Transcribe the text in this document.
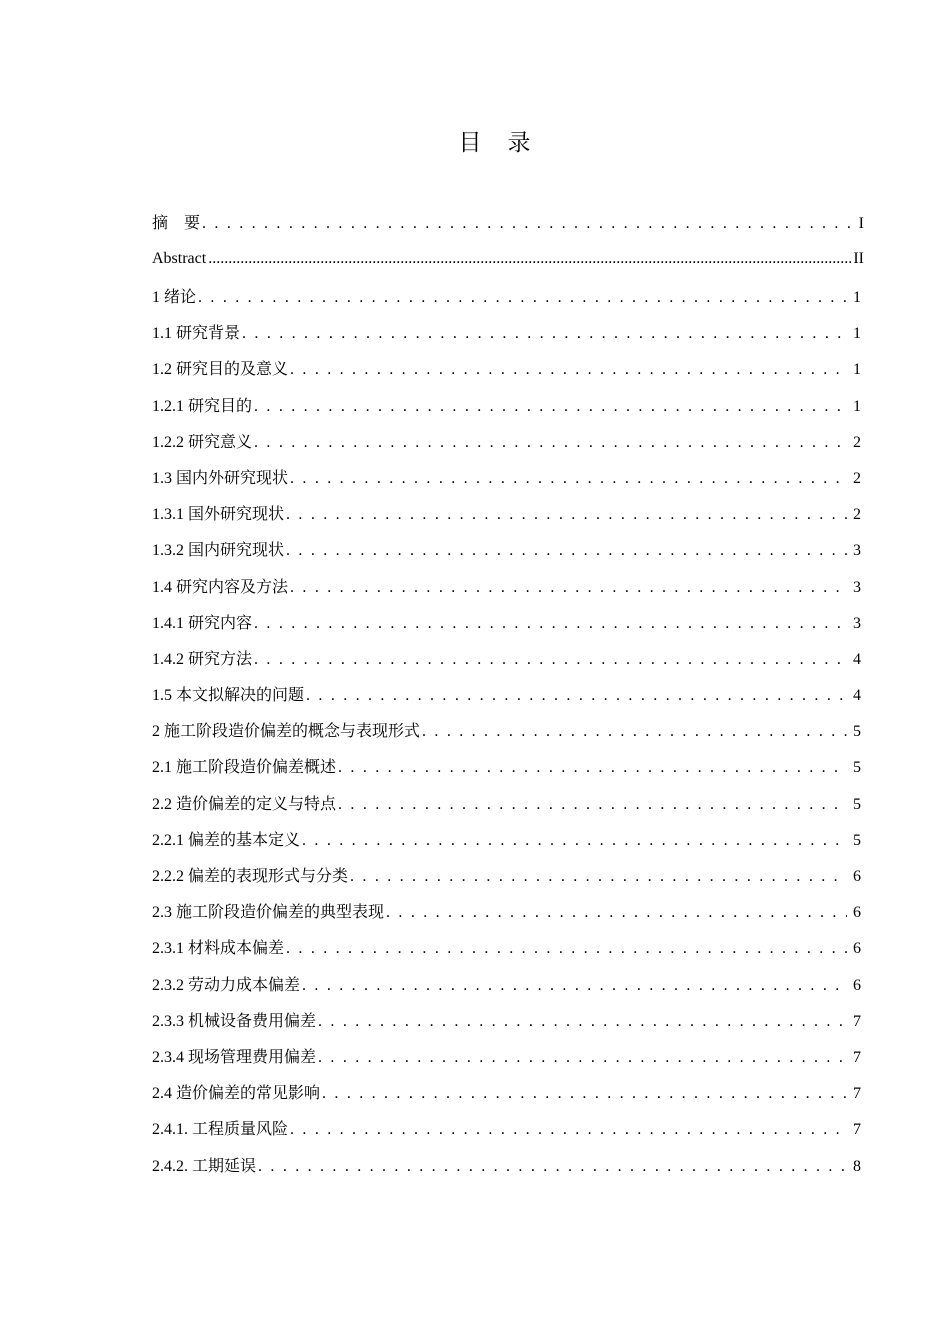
目录
摘　要 . . .	I
Abstract .....	II
1 绪论 . . .	1
1.1 研究背景 . . .	1
1.2 研究目的及意义 . . .	1
1.2.1 研究目的 . . .	1
1.2.2 研究意义 . . .	2
1.3 国内外研究现状 . . .	2
1.3.1 国外研究现状 . . .	2
1.3.2 国内研究现状 . . .	3
1.4 研究内容及方法 . . .	3
1.4.1 研究内容 . . .	3
1.4.2 研究方法 . . .	4
1.5 本文拟解决的问题 . . .	4
2 施工阶段造价偏差的概念与表现形式 . . .	5
2.1 施工阶段造价偏差概述 . . .	5
2.2 造价偏差的定义与特点 . . .	5
2.2.1 偏差的基本定义 . . .	5
2.2.2 偏差的表现形式与分类 . . .	6
2.3 施工阶段造价偏差的典型表现 . . .	6
2.3.1 材料成本偏差 . . .	6
2.3.2 劳动力成本偏差 . . .	6
2.3.3 机械设备费用偏差 . . .	7
2.3.4 现场管理费用偏差 . . .	7
2.4 造价偏差的常见影响 . . .	7
2.4.1. 工程质量风险 . . .	7
2.4.2. 工期延误 . . .	8
